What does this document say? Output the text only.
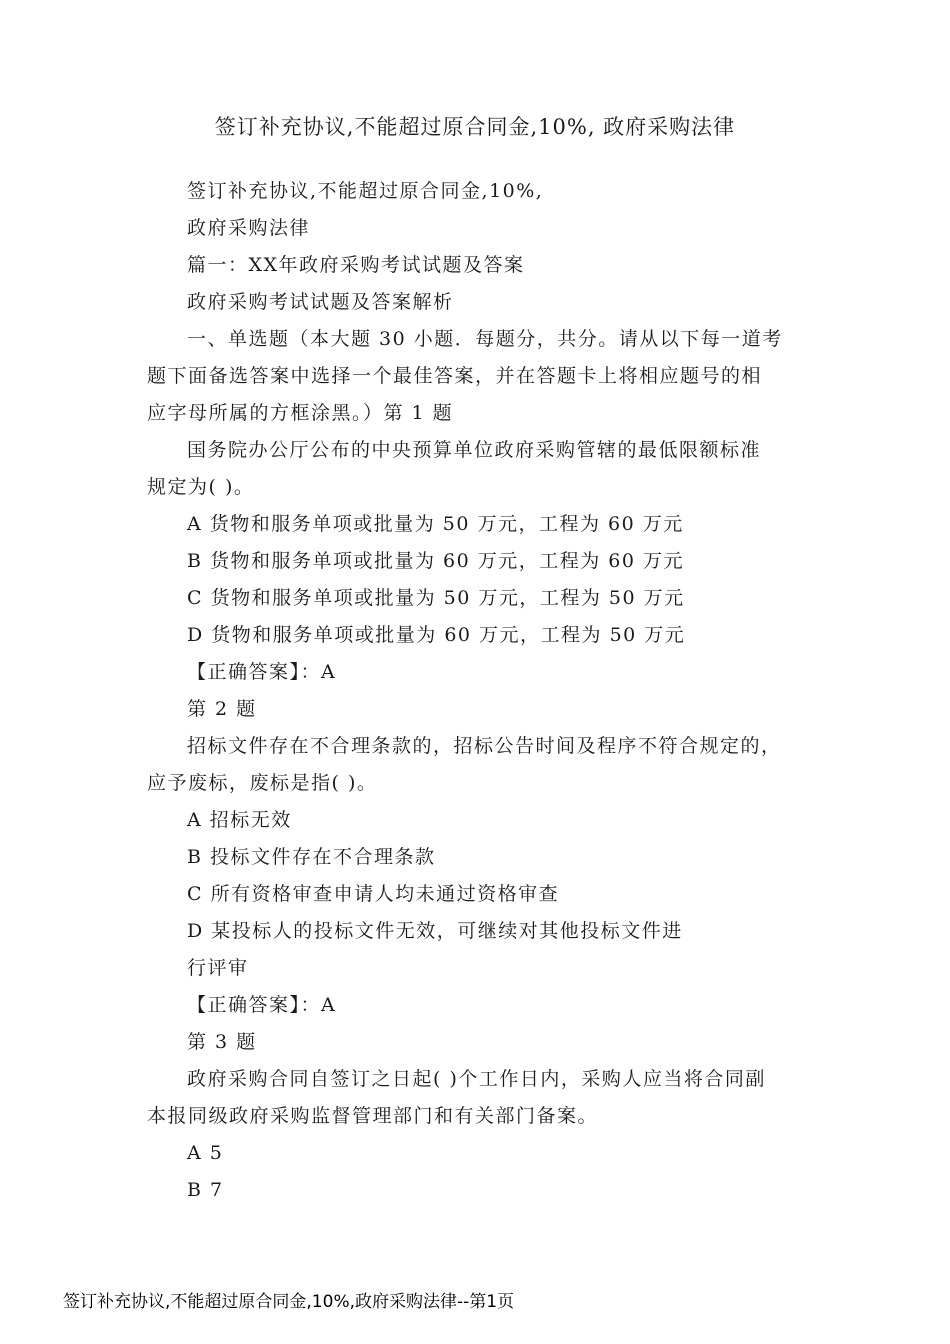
签订补充协议,不能超过原合同金,10%, 政府采购法律
签订补充协议,不能超过原合同金,10%,
政府采购法律
篇一：XX年政府采购考试试题及答案
政府采购考试试题及答案解析
一、单选题（本大题 30 小题．每题分，共分。请从以下每一道考
题下面备选答案中选择一个最佳答案，并在答题卡上将相应题号的相
应字母所属的方框涂黑。）第 1 题
国务院办公厅公布的中央预算单位政府采购管辖的最低限额标准
规定为( )。
A 货物和服务单项或批量为 50 万元，工程为 60 万元
B 货物和服务单项或批量为 60 万元，工程为 60 万元
C 货物和服务单项或批量为 50 万元，工程为 50 万元
D 货物和服务单项或批量为 60 万元，工程为 50 万元
【正确答案】：A
第 2 题
招标文件存在不合理条款的，招标公告时间及程序不符合规定的，
应予废标，废标是指( )。
A 招标无效
B 投标文件存在不合理条款
C 所有资格审查申请人均未通过资格审查
D 某投标人的投标文件无效，可继续对其他投标文件进
行评审
【正确答案】：A
第 3 题
政府采购合同自签订之日起( )个工作日内，采购人应当将合同副
本报同级政府采购监督管理部门和有关部门备案。
A 5
B 7
签订补充协议,不能超过原合同金,10%,政府采购法律--第1页
